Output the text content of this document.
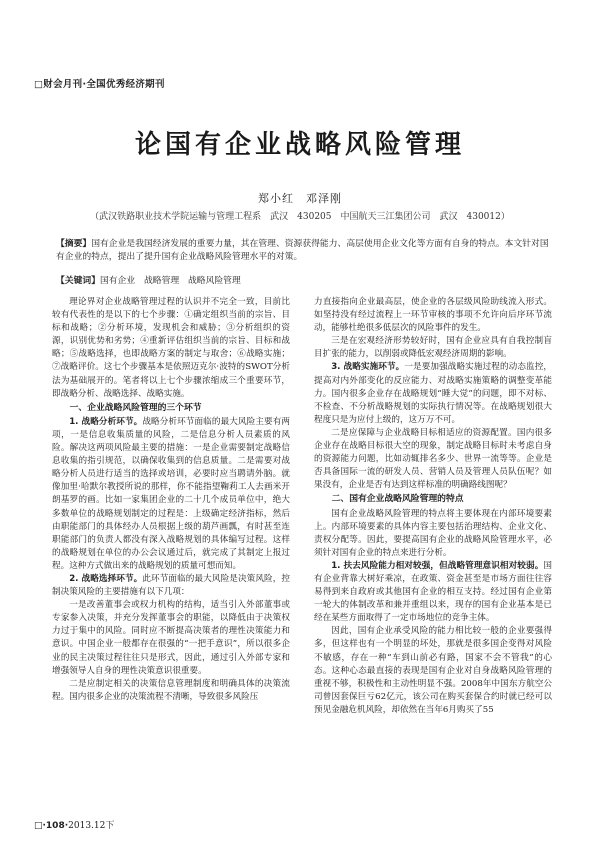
□财会月刊·全国优秀经济期刊
论国有企业战略风险管理
郑小红　邓泽刚
（武汉铁路职业技术学院运输与管理工程系　武汉　430205　中国航天三江集团公司　武汉　430012）
【摘要】国有企业是我国经济发展的重要力量，其在管理、资源获得能力、高层使用企业文化等方面有自身的特点。本文针对国有企业的特点，提出了提升国有企业战略风险管理水平的对策。
【关键词】国有企业　战略管理　战略风险管理

理论界对企业战略管理过程的认识并不完全一致，目前比较有代表性的是以下的七个步骤：①确定组织当前的宗旨、目标和战略；②分析环境，发现机会和威胁；③分析组织的资源，识别优势和劣势；④重新评估组织当前的宗旨、目标和战略；⑤战略选择，也即战略方案的制定与取舍；⑥战略实施；⑦战略评价。这七个步骤基本是依照迈克尔·波特的SWOT分析法为基础展开的。笔者将以上七个步骤浓缩成三个重要环节，即战略分析、战略选择、战略实施。

一、企业战略风险管理的三个环节

1. 战略分析环节。战略分析环节面临的最大风险主要有两项，一是信息收集质量的风险，二是信息分析人员素质的风险。解决这两项风险最主要的措施：一是企业需要制定战略信息收集的指引规范，以确保收集到的信息质量。二是需要对战略分析人员进行适当的选择或培训，必要时应当聘请外脑。就像加里·哈默尔教授所说的那样，你不能指望鞠莉工人去画米开朗基罗的画。比如一家集团企业的二十几个成员单位中，绝大多数单位的战略规划制定的过程是：上级确定经济指标，然后由职能部门的具体经办人员根据上级的葫芦画瓢，有时甚至连职能部门的负责人都没有深入战略规划的具体编写过程。这样的战略规划在单位的办公会议通过后，就完成了其制定上报过程。这种方式做出来的战略规划的质量可想而知。

2. 战略选择环节。此环节面临的最大风险是决策风险，控制决策风险的主要措施有以下几项：

一是改善董事会或权力机构的结构，适当引入外部董事或专家参入决策，并充分发挥董事会的职能，以降低由于决策权力过于集中的风险。同时应不断提高决策者的理性决策能力和意识。中国企业一般都存在很强的“一把手意识”，所以很多企业的民主决策过程往往只是形式，因此，通过引入外部专家和增强领导人自身的理性决策意识很重要。

二是应制定相关的决策信息管理制度和明确具体的决策流程。国内很多企业的决策流程不清晰，导致很多风险压

力直接指向企业最高层，使企业的各层级风险助线流入形式。如坚持没有经过流程上一环节审核的事项不允许向后序环节流动，能够杜绝很多低层次的风险事件的发生。

三是在宏观经济形势较好时，国有企业应具有自我控制盲目扩张的能力，以削弱或降低宏观经济周期的影响。

3. 战略实施环节。一是要加强战略实施过程的动态监控，提高对内外部变化的反应能力、对战略实施策略的调整变革能力。国内很多企业存在战略规划“睡大觉”的问题，即不对标、不检查、不分析战略规划的实际执行情况等。在战略规划很大程度只是为应付上级的，这万万不可。

二是应保障与企业战略目标相适应的资源配置。国内很多企业存在战略目标很大空的现象，制定战略目标时未考虑自身的资源能力问题，比如动辄排名多少、世界一流等等。企业是否具备国际一流的研发人员、营销人员及管理人员队伍呢？如果没有，企业是否有达到这样标准的明确路线图呢？

二、国有企业战略风险管理的特点

国有企业战略风险管理的特点将主要体现在内部环境要素上。内部环境要素的具体内容主要包括治理结构、企业文化、责权分配等。因此，要提高国有企业的战略风险管理水平，必须针对国有企业的特点来进行分析。

1. 扶去风险能力相对较强，但战略管理意识相对较弱。国有企业背靠大树好乘凉，在政策、资金甚至是市场方面往往容易得到来自政府或其他国有企业的相互支持。经过国有企业第一轮大的体制改革和兼并重组以来，现存的国有企业基本是已经在某些方面取得了一定市场地位的竞争主体。

因此，国有企业承受风险的能力相比较一般的企业要强得多，但这样也有一个明显的坏处，那就是很多国企变得对风险不敏感，存在一种“车到山前必有路，国家不会不管我”的心态。这种心态最直接的表现是国有企业对自身战略风险管理的重视不够，积极性和主动性明显不强。2008年中国东方航空公司曾因套保巨亏62亿元，该公司在购买套保合约时就已经可以预见金融危机风险，却依然在当年6月购买了55

□·108·2013.12下
